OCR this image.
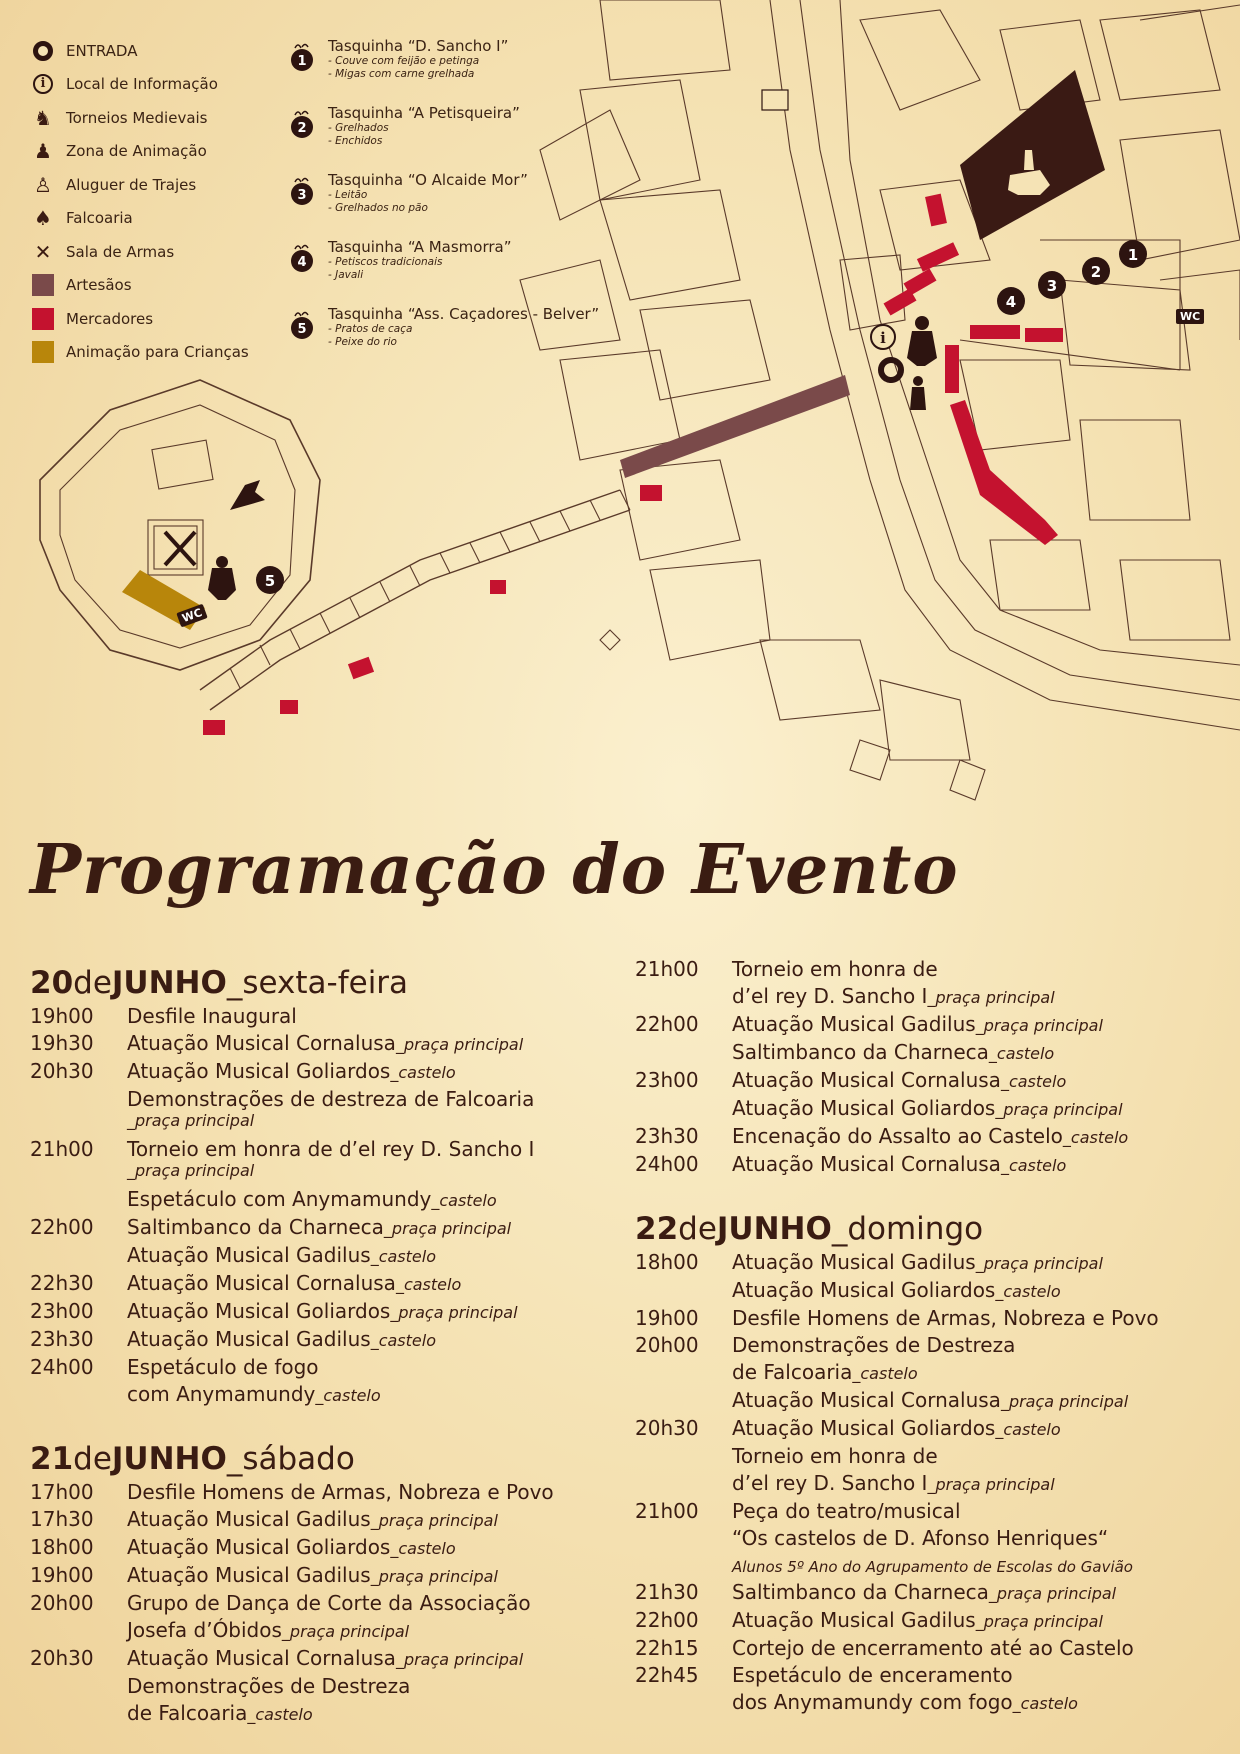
5
1
2
3
4
i
WC
WC
ENTRADA
i	Local de Informação
♞ Torneios Medievais
♟ Zona de Animação
♙ Aluguer de Trajes
♠ Falcoaria
✕ Sala de Armas
Artesãos
Mercadores
Animação para Crianças
1
Tasquinha “D. Sancho I”
- Couve com feijão e petinga
- Migas com carne grelhada
2
Tasquinha “A Petisqueira”
- Grelhados
- Enchidos
3
Tasquinha “O Alcaide Mor”
- Leitão
- Grelhados no pão
4
Tasquinha “A Masmorra”
- Petiscos tradicionais
- Javali
5
Tasquinha “Ass. Caçadores - Belver”
- Pratos de caça
- Peixe do rio
Programação do Evento
20deJUNHO_sexta-feira
19h00	Desfile Inaugural
19h30	Atuação Musical Cornalusa_praça principal
20h30	Atuação Musical Goliardos_castelo
Demonstrações de destreza de Falcoaria
_praça principal
21h00	Torneio em honra de d’el rey D. Sancho I
_praça principal
Espetáculo com Anymamundy_castelo
22h00	Saltimbanco da Charneca_praça principal
Atuação Musical Gadilus_castelo
22h30	Atuação Musical Cornalusa_castelo
23h00	Atuação Musical Goliardos_praça principal
23h30	Atuação Musical Gadilus_castelo
24h00	Espetáculo de fogo
com Anymamundy_castelo
21deJUNHO_sábado
17h00	Desfile Homens de Armas, Nobreza e Povo
17h30	Atuação Musical Gadilus_praça principal
18h00	Atuação Musical Goliardos_castelo
19h00	Atuação Musical Gadilus_praça principal
20h00	Grupo de Dança de Corte da Associação
Josefa d’Óbidos_praça principal
20h30	Atuação Musical Cornalusa_praça principal
Demonstrações de Destreza
de Falcoaria_castelo
21h00	Torneio em honra de
d’el rey D. Sancho I_praça principal
22h00	Atuação Musical Gadilus_praça principal
Saltimbanco da Charneca_castelo
23h00	Atuação Musical Cornalusa_castelo
Atuação Musical Goliardos_praça principal
23h30	Encenação do Assalto ao Castelo_castelo
24h00	Atuação Musical Cornalusa_castelo
22deJUNHO_domingo
18h00	Atuação Musical Gadilus_praça principal
Atuação Musical Goliardos_castelo
19h00	Desfile Homens de Armas, Nobreza e Povo
20h00	Demonstrações de Destreza
de Falcoaria_castelo
Atuação Musical Cornalusa_praça principal
20h30	Atuação Musical Goliardos_castelo
Torneio em honra de
d’el rey D. Sancho I_praça principal
21h00	Peça do teatro/musical
“Os castelos de D. Afonso Henriques“
Alunos 5º Ano do Agrupamento de Escolas do Gavião
21h30	Saltimbanco da Charneca_praça principal
22h00	Atuação Musical Gadilus_praça principal
22h15	Cortejo de encerramento até ao Castelo
22h45	Espetáculo de enceramento
dos Anymamundy com fogo_castelo
